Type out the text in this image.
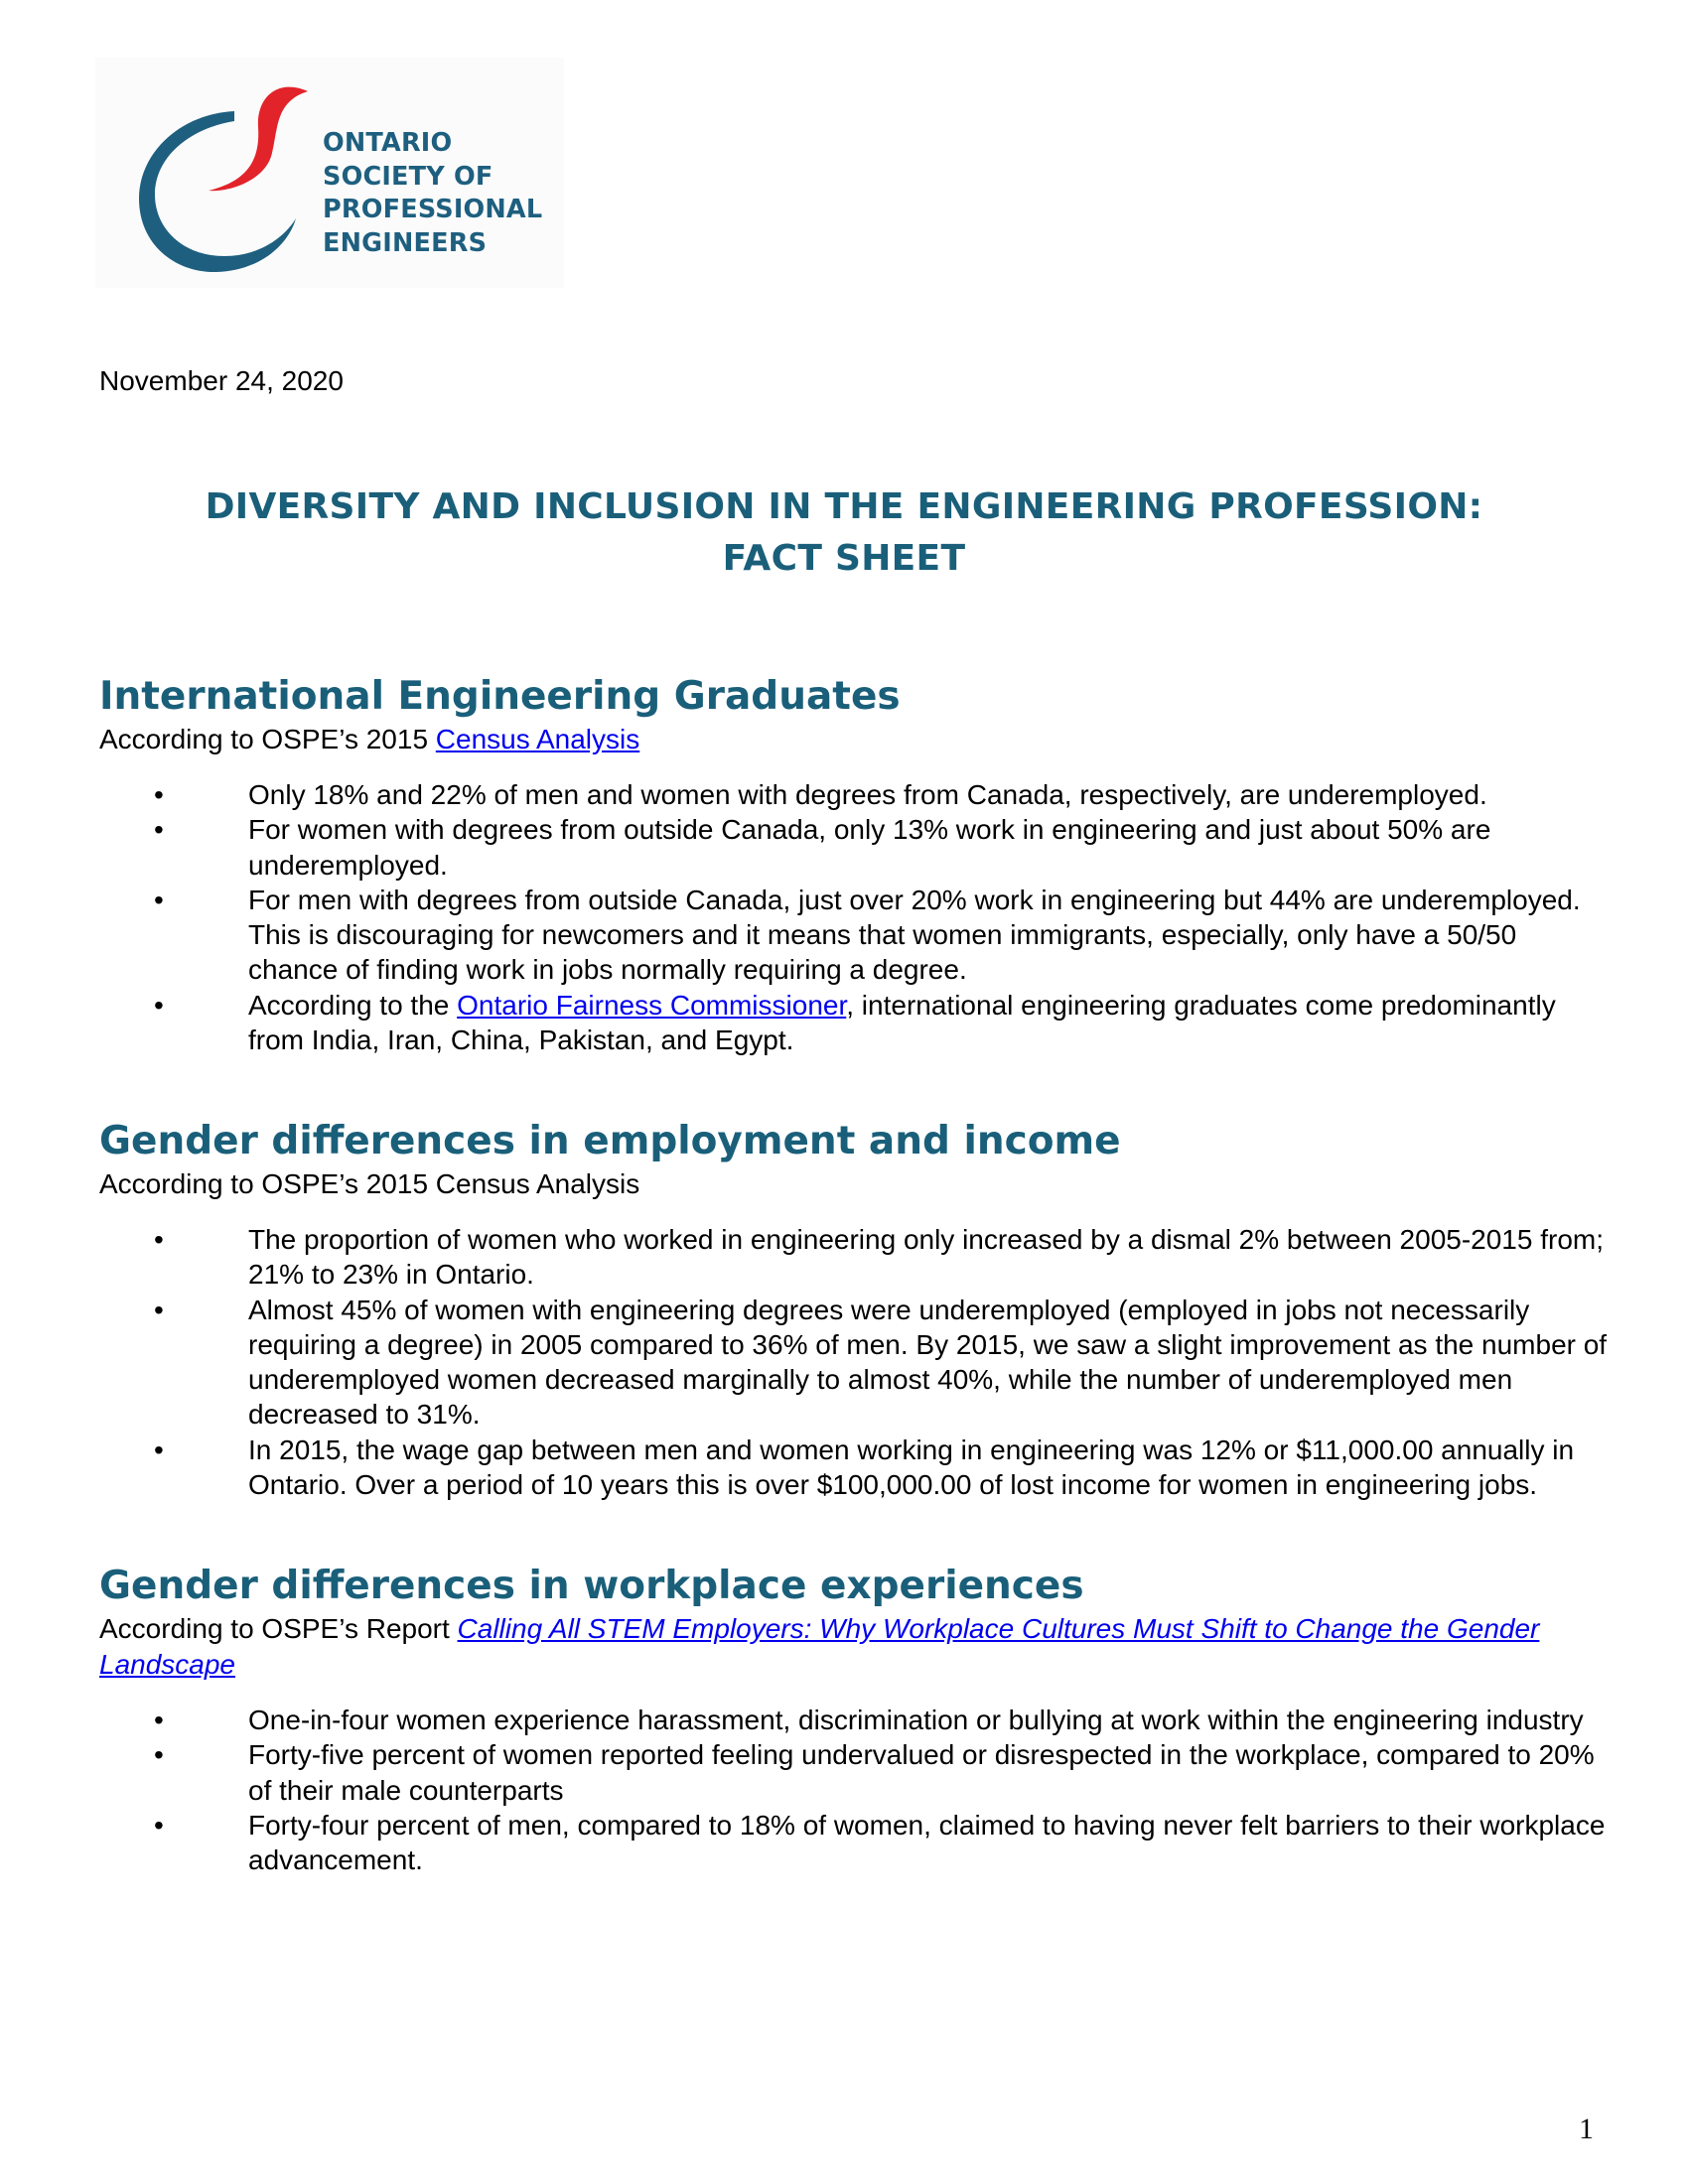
ONTARIO
SOCIETY OF
PROFESSIONAL
ENGINEERS
November 24, 2020
DIVERSITY AND INCLUSION IN THE ENGINEERING PROFESSION:
FACT SHEET
International Engineering Graduates
According to OSPE’s 2015 Census Analysis
•	Only 18% and 22% of men and women with degrees from Canada, respectively, are underemployed.
•	For women with degrees from outside Canada, only 13% work in engineering and just about 50% are underemployed.
•	For men with degrees from outside Canada, just over 20% work in engineering but 44% are underemployed. This is discouraging for newcomers and it means that women immigrants, especially, only have a 50/50 chance of finding work in jobs normally requiring a degree.
•	According to the Ontario Fairness Commissioner, international engineering graduates come predominantly from India, Iran, China, Pakistan, and Egypt.
Gender differences in employment and income
According to OSPE’s 2015 Census Analysis
•	The proportion of women who worked in engineering only increased by a dismal 2% between 2005-2015 from; 21% to 23% in Ontario.
•	Almost 45% of women with engineering degrees were underemployed (employed in jobs not necessarily requiring a degree) in 2005 compared to 36% of men. By 2015, we saw a slight improvement as the number of underemployed women decreased marginally to almost 40%, while the number of underemployed men decreased to 31%.
•	In 2015, the wage gap between men and women working in engineering was 12% or $11,000.00 annually in Ontario. Over a period of 10 years this is over $100,000.00 of lost income for women in engineering jobs.
Gender differences in workplace experiences
According to OSPE’s Report Calling All STEM Employers: Why Workplace Cultures Must Shift to Change the Gender Landscape
•	One-in-four women experience harassment, discrimination or bullying at work within the engineering industry
•	Forty-five percent of women reported feeling undervalued or disrespected in the workplace, compared to 20% of their male counterparts
•	Forty-four percent of men, compared to 18% of women, claimed to having never felt barriers to their workplace advancement.
1
